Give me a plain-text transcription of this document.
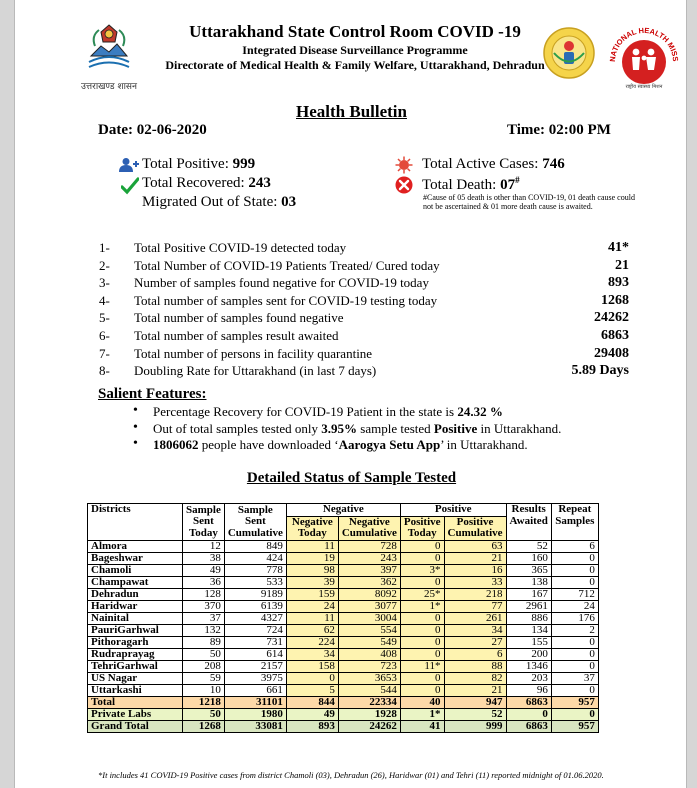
उत्तराखण्ड शासन
Uttarakhand State Control Room COVID -19
Integrated Disease Surveillance Programme
Directorate of Medical Health & Family Welfare, Uttarakhand, Dehradun	NATIONAL HEALTH MISS
राष्ट्रीय स्वास्थ्य मिशन
Health Bulletin
Date: 02-06-2020	Time: 02:00 PM
Total Positive: 999
Total Recovered: 243
Migrated Out of State: 03
Total Active Cases: 746
Total Death: 07#
#Cause of 05 death is other than COVID-19, 01 death cause could not be ascertained & 01 more death cause is awaited.
1- Total Positive COVID-19 detected today	41*
2- Total Number of COVID-19 Patients Treated/ Cured today	21
3- Number of samples found negative for COVID-19 today	893
4- Total number of samples sent for COVID-19 testing today	1268
5- Total number of samples found negative	24262
6- Total number of samples result awaited	6863
7- Total number of persons in facility quarantine	29408
8- Doubling Rate for Uttarakhand (in last 7 days)	5.89 Days
Salient Features:
• Percentage Recovery for COVID-19 Patient in the state is 24.32 %
• Out of total samples tested only 3.95% sample tested Positive in Uttarakhand.
• 1806062 people have downloaded ‘Aarogya Setu App’ in Uttarakhand.
Detailed Status of Sample Tested
Districts	Sample Sent Today	Sample Sent Cumulative	Negative		Positive		Results Awaited	Repeat Samples
			Negative Today	Negative Cumulative	Positive Today	Positive Cumulative		

Almora	12	849	11	728	0	63	52	6
Bageshwar	38	424	19	243	0	21	160	0
Chamoli	49	778	98	397	3*	16	365	0
Champawat	36	533	39	362	0	33	138	0
Dehradun	128	9189	159	8092	25*	218	167	712
Haridwar	370	6139	24	3077	1*	77	2961	24
Nainital	37	4327	11	3004	0	261	886	176
PauriGarhwal	132	724	62	554	0	34	134	2
Pithoragarh	89	731	224	549	0	27	155	0
Rudraprayag	50	614	34	408	0	6	200	0
TehriGarhwal	208	2157	158	723	11*	88	1346	0
US Nagar	59	3975	0	3653	0	82	203	37
Uttarkashi	10	661	5	544	0	21	96	0
Total	1218	31101	844	22334	40	947	6863	957
Private Labs	50	1980	49	1928	1*	52	0	0
Grand Total	1268	33081	893	24262	41	999	6863	957
*It includes 41 COVID-19 Positive cases from district Chamoli (03), Dehradun (26), Haridwar (01) and Tehri (11) reported midnight of 01.06.2020.
